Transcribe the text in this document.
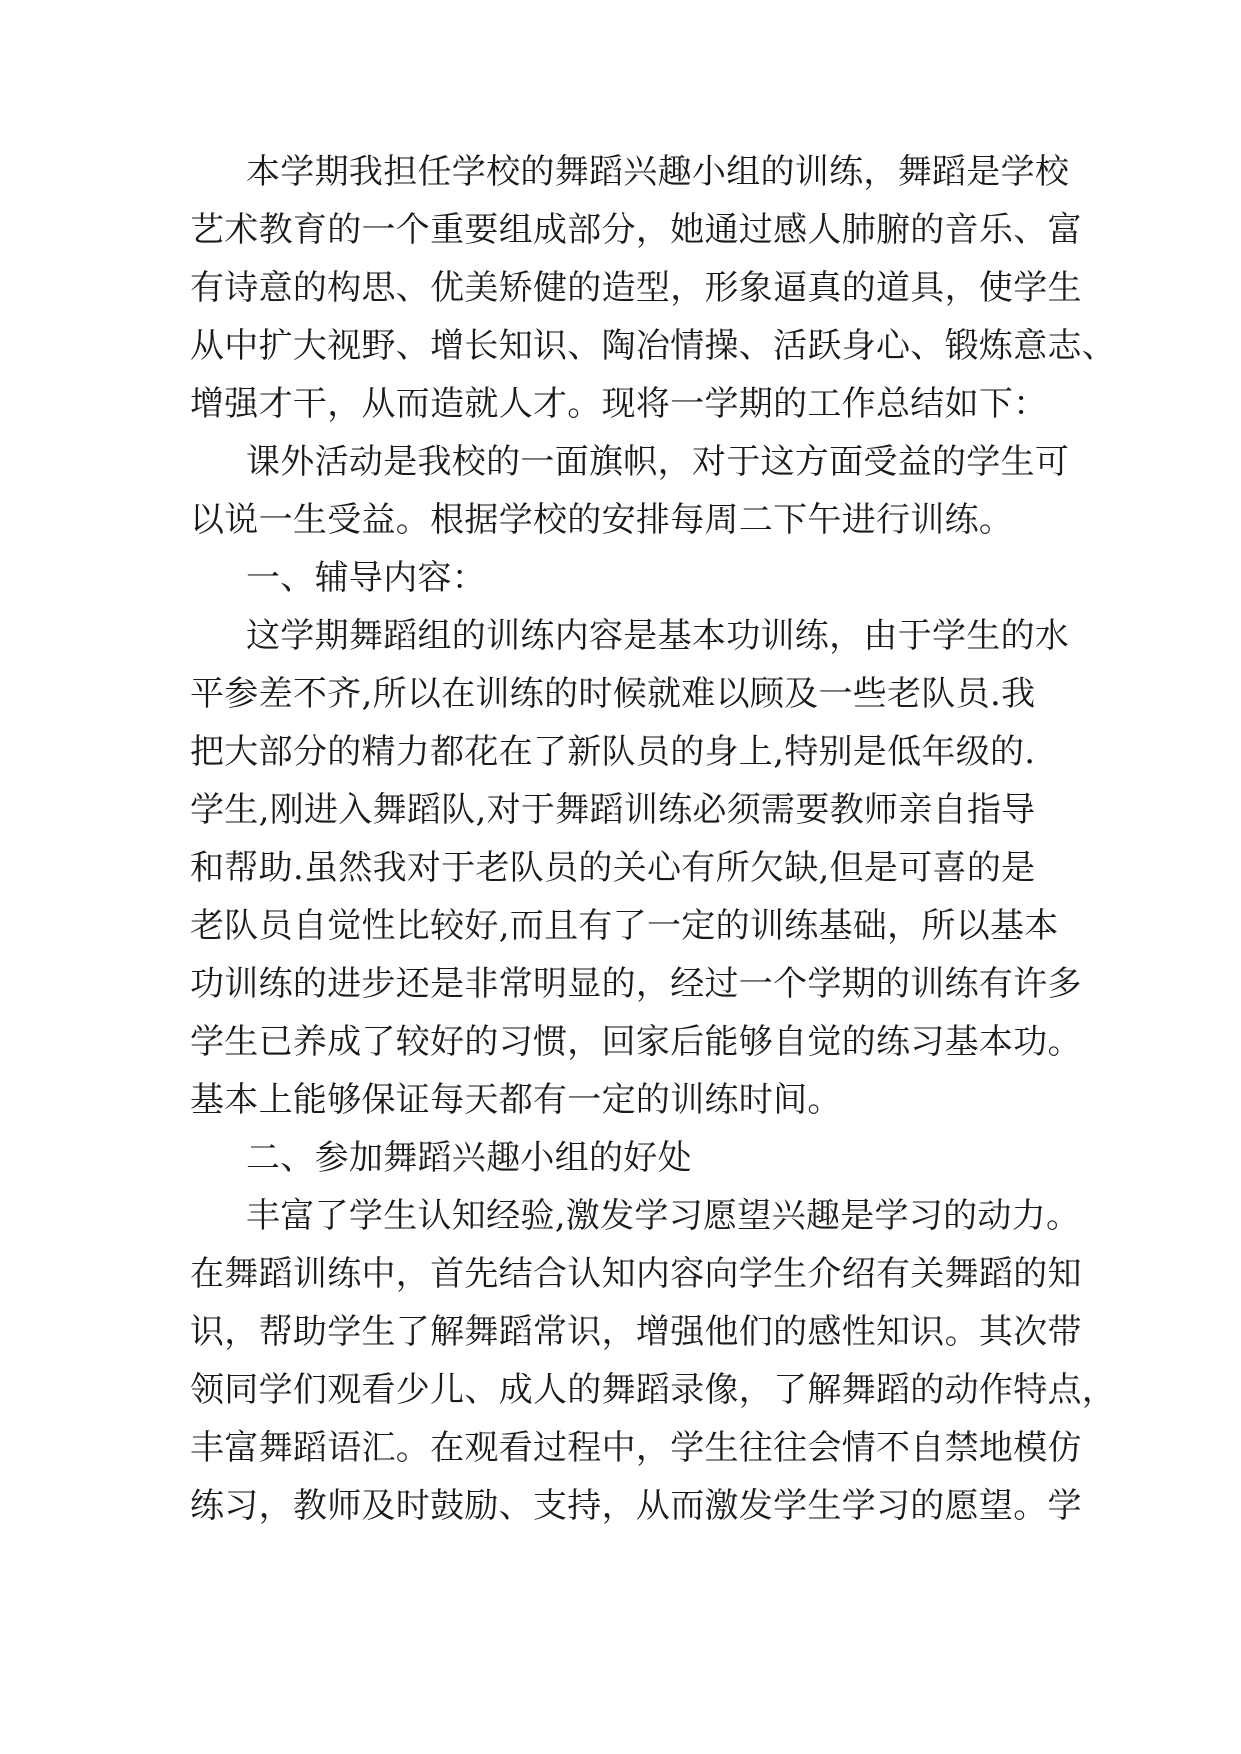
本学期我担任学校的舞蹈兴趣小组的训练，舞蹈是学校
艺术教育的一个重要组成部分，她通过感人肺腑的音乐、富
有诗意的构思、优美矫健的造型，形象逼真的道具，使学生
从中扩大视野、增长知识、陶冶情操、活跃身心、锻炼意志、
增强才干，从而造就人才。现将一学期的工作总结如下：
课外活动是我校的一面旗帜，对于这方面受益的学生可
以说一生受益。根据学校的安排每周二下午进行训练。
一、辅导内容：
这学期舞蹈组的训练内容是基本功训练，由于学生的水
平参差不齐,所以在训练的时候就难以顾及一些老队员.我
把大部分的精力都花在了新队员的身上,特别是低年级的.
学生,刚进入舞蹈队,对于舞蹈训练必须需要教师亲自指导
和帮助.虽然我对于老队员的关心有所欠缺,但是可喜的是
老队员自觉性比较好,而且有了一定的训练基础，所以基本
功训练的进步还是非常明显的，经过一个学期的训练有许多
学生已养成了较好的习惯，回家后能够自觉的练习基本功。
基本上能够保证每天都有一定的训练时间。
二、参加舞蹈兴趣小组的好处
丰富了学生认知经验,激发学习愿望兴趣是学习的动力。
在舞蹈训练中，首先结合认知内容向学生介绍有关舞蹈的知
识，帮助学生了解舞蹈常识，增强他们的感性知识。其次带
领同学们观看少儿、成人的舞蹈录像，了解舞蹈的动作特点，
丰富舞蹈语汇。在观看过程中，学生往往会情不自禁地模仿
练习，教师及时鼓励、支持，从而激发学生学习的愿望。学
